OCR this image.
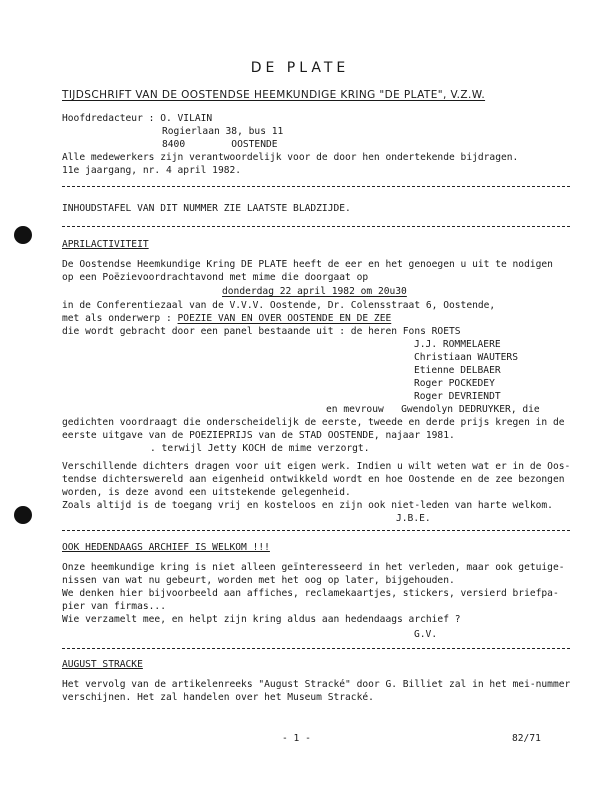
DE PLATE
TIJDSCHRIFT VAN DE OOSTENDSE HEEMKUNDIGE KRING "DE PLATE", V.Z.W.
Hoofdredacteur : O. VILAIN
Rogierlaan 38, bus 11
8400        OOSTENDE
Alle medewerkers zijn verantwoordelijk voor de door hen ondertekende bijdragen.
11e jaargang, nr. 4 april 1982.
INHOUDSTAFEL VAN DIT NUMMER ZIE LAATSTE BLADZIJDE.
APRILACTIVITEIT
De Oostendse Heemkundige Kring DE PLATE heeft de eer en het genoegen u uit te nodigen
op een Poëzievoordrachtavond met mime die doorgaat op
donderdag 22 april 1982 om 20u30
in de Conferentiezaal van de V.V.V. Oostende, Dr. Colensstraat 6, Oostende,
met als onderwerp : POEZIE VAN EN OVER OOSTENDE EN DE ZEE
die wordt gebracht door een panel bestaande uit : de heren Fons ROETS
J.J. ROMMELAERE
Christiaan WAUTERS
Etienne DELBAER
Roger POCKEDEY
Roger DEVRIENDT
en mevrouw   Gwendolyn DEDRUYKER, die
gedichten voordraagt die onderscheidelijk de eerste, tweede en derde prijs kregen in de
eerste uitgave van de POEZIEPRIJS van de STAD OOSTENDE, najaar 1981.
. terwijl Jetty KOCH de mime verzorgt.
Verschillende dichters dragen voor uit eigen werk. Indien u wilt weten wat er in de Oos-
tendse dichterswereld aan eigenheid ontwikkeld wordt en hoe Oostende en de zee bezongen
worden, is deze avond een uitstekende gelegenheid.
Zoals altijd is de toegang vrij en kosteloos en zijn ook niet-leden van harte welkom.
J.B.E.
OOK HEDENDAAGS ARCHIEF IS WELKOM !!!
Onze heemkundige kring is niet alleen geïnteresseerd in het verleden, maar ook getuige-
nissen van wat nu gebeurt, worden met het oog op later, bijgehouden.
We denken hier bijvoorbeeld aan affiches, reclamekaartjes, stickers, versierd briefpa-
pier van firmas...
Wie verzamelt mee, en helpt zijn kring aldus aan hedendaags archief ?
G.V.
AUGUST STRACKE
Het vervolg van de artikelenreeks "August Stracké" door G. Billiet zal in het mei-nummer
verschijnen. Het zal handelen over het Museum Stracké.
- 1 -	82/71
